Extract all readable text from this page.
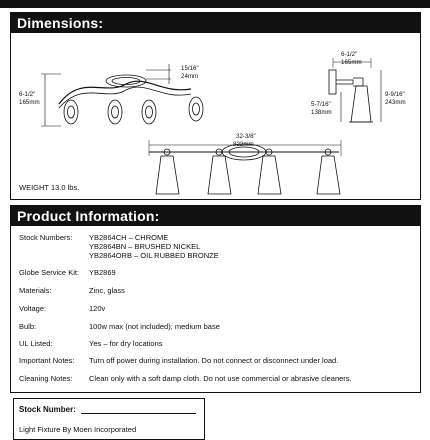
Dimensions:
15/16"
24mm
6-1/2"
165mm
6-1/2"
165mm
5-7/16"
138mm
9-9/16"
243mm
32-3/8"
822mm
WEIGHT 13.0 lbs.
Product Information:
Stock Numbers:	YB2864CH – CHROME
YB2864BN – BRUSHED NICKEL
YB2864ORB – OIL RUBBED BRONZE
Globe Service Kit:	YB2869
Materials:	Zinc, glass
Voltage:	120v
Bulb:	100w max (not included); medium base
UL Listed:	Yes – for dry locations
Important Notes:	Turn off power during installation. Do not connect or disconnect under load.
Cleaning Notes:	Clean only with a soft damp cloth. Do not use commercial or abrasive cleaners.
Stock Number:
Light Fixture By Moen Incorporated
